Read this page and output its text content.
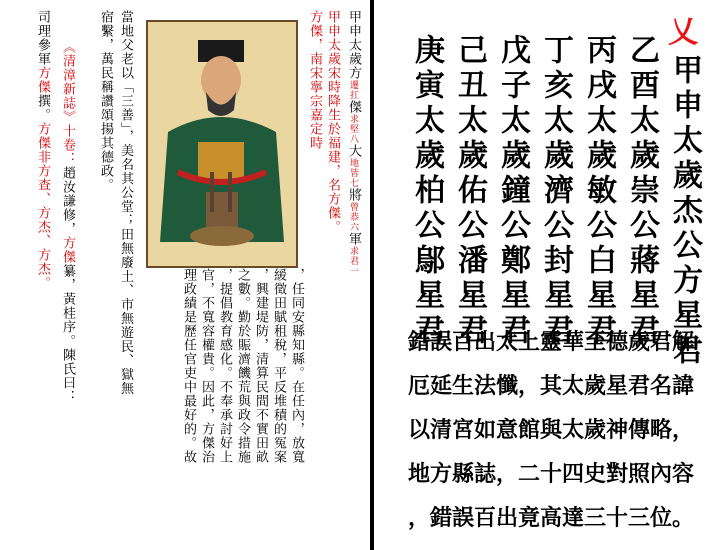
甲申太歲方遷扛傑求堅八大地皆七將曾恭六軍求君一
甲申太歲宋時降生於福建，名方傑。
方傑，南宋寧宗嘉定時
，任同安縣知縣。在任內，放寬
緩徵田賦租稅，平反堆積的冤案
，興建堤防，清算民間不實田畝
之數。勤於賑濟饑荒與政令措施
，提倡教育感化。不奉承討好上
官，不寬容權貴。因此，方傑治
理政績是歷任官吏中最好的。故
當地父老以「三善」，美名其公堂；田無廢土、市無遊民、獄無
宿繫，萬民稱讚頌揚其德政。
《清漳新誌》十卷：趙汝謙修，方傑纂，黃桂序。陳氏曰：
司理參軍方傑撰。方傑非方查、方杰、方杰。
乂
甲申太歲杰公方星君
乙酉太歲崇公蔣星君
丙戌太歲敏公白星君
丁亥太歲濟公封星君
戊子太歲鐘公鄭星君
己丑太歲佑公潘星君
庚寅太歲柏公鄔星君
錯誤百出太上靈華至德歲君解
厄延生法懺，其太歲星君名諱
以清宮如意館與太歲神傳略，
地方縣誌，二十四史對照內容
，錯誤百出竟高達三十三位。
